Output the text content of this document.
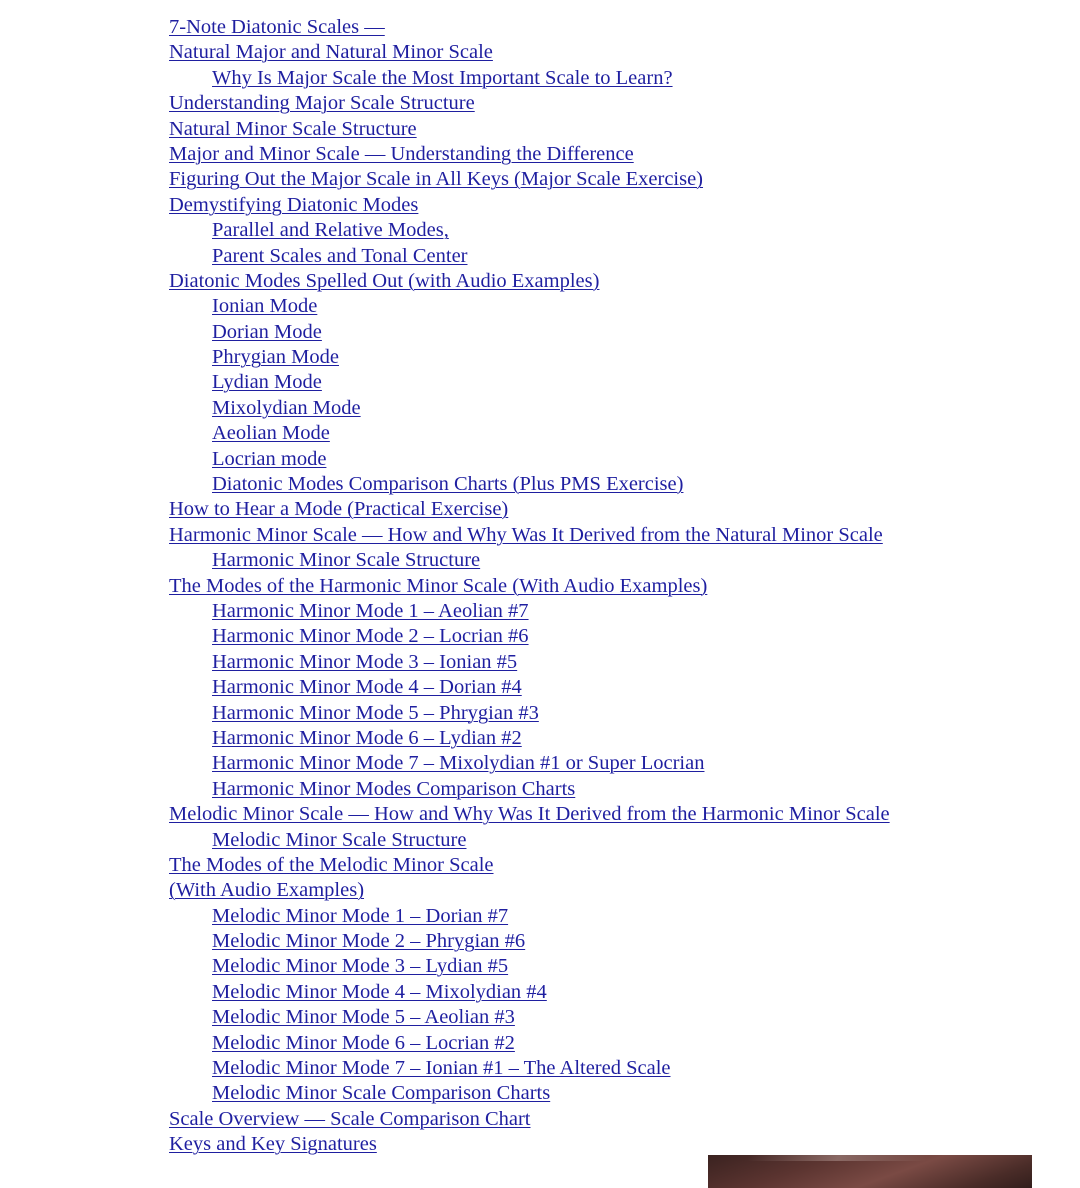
7-Note Diatonic Scales —
Natural Major and Natural Minor Scale
Why Is Major Scale the Most Important Scale to Learn?
Understanding Major Scale Structure
Natural Minor Scale Structure
Major and Minor Scale — Understanding the Difference
Figuring Out the Major Scale in All Keys (Major Scale Exercise)
Demystifying Diatonic Modes
Parallel and Relative Modes,
Parent Scales and Tonal Center
Diatonic Modes Spelled Out (with Audio Examples)
Ionian Mode
Dorian Mode
Phrygian Mode
Lydian Mode
Mixolydian Mode
Aeolian Mode
Locrian mode
Diatonic Modes Comparison Charts (Plus PMS Exercise)
How to Hear a Mode (Practical Exercise)
Harmonic Minor Scale — How and Why Was It Derived from the Natural Minor Scale
Harmonic Minor Scale Structure
The Modes of the Harmonic Minor Scale (With Audio Examples)
Harmonic Minor Mode 1 – Aeolian #7
Harmonic Minor Mode 2 – Locrian #6
Harmonic Minor Mode 3 – Ionian #5
Harmonic Minor Mode 4 – Dorian #4
Harmonic Minor Mode 5 – Phrygian #3
Harmonic Minor Mode 6 – Lydian #2
Harmonic Minor Mode 7 – Mixolydian #1 or Super Locrian
Harmonic Minor Modes Comparison Charts
Melodic Minor Scale — How and Why Was It Derived from the Harmonic Minor Scale
Melodic Minor Scale Structure
The Modes of the Melodic Minor Scale
(With Audio Examples)
Melodic Minor Mode 1 – Dorian #7
Melodic Minor Mode 2 – Phrygian #6
Melodic Minor Mode 3 – Lydian #5
Melodic Minor Mode 4 – Mixolydian #4
Melodic Minor Mode 5 – Aeolian #3
Melodic Minor Mode 6 – Locrian #2
Melodic Minor Mode 7 – Ionian #1 – The Altered Scale
Melodic Minor Scale Comparison Charts
Scale Overview — Scale Comparison Chart
Keys and Key Signatures
